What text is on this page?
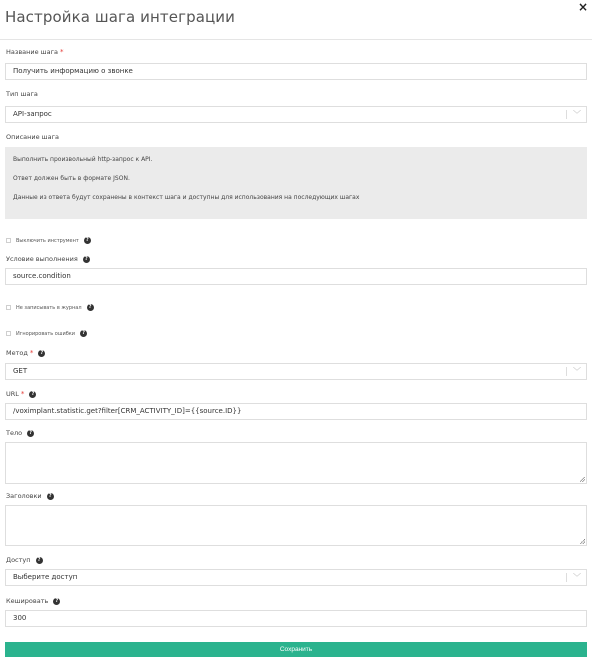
Настройка шага интеграции
×
Название шага *
Получить информацию о звонке
Тип шага
API-запрос	﹀
Описание шага

Выполнить произвольный http-запрос к API.

Ответ должен быть в формате JSON.

Данные из ответа будут сохранены в контекст шага и доступны для использования на последующих шагах

Выключить инструмент	?
Условие выполнения	?
source.condition
Не записывать в журнал	?
Игнорировать ошибки	?
Метод *	?
GET	﹀
URL *	?
/voximplant.statistic.get?filter[CRM_ACTIVITY_ID]={{source.ID}}
Тело	?
Заголовки	?
Доступ	?
Выберите доступ	﹀
Кешировать	?
300
Сохранить
